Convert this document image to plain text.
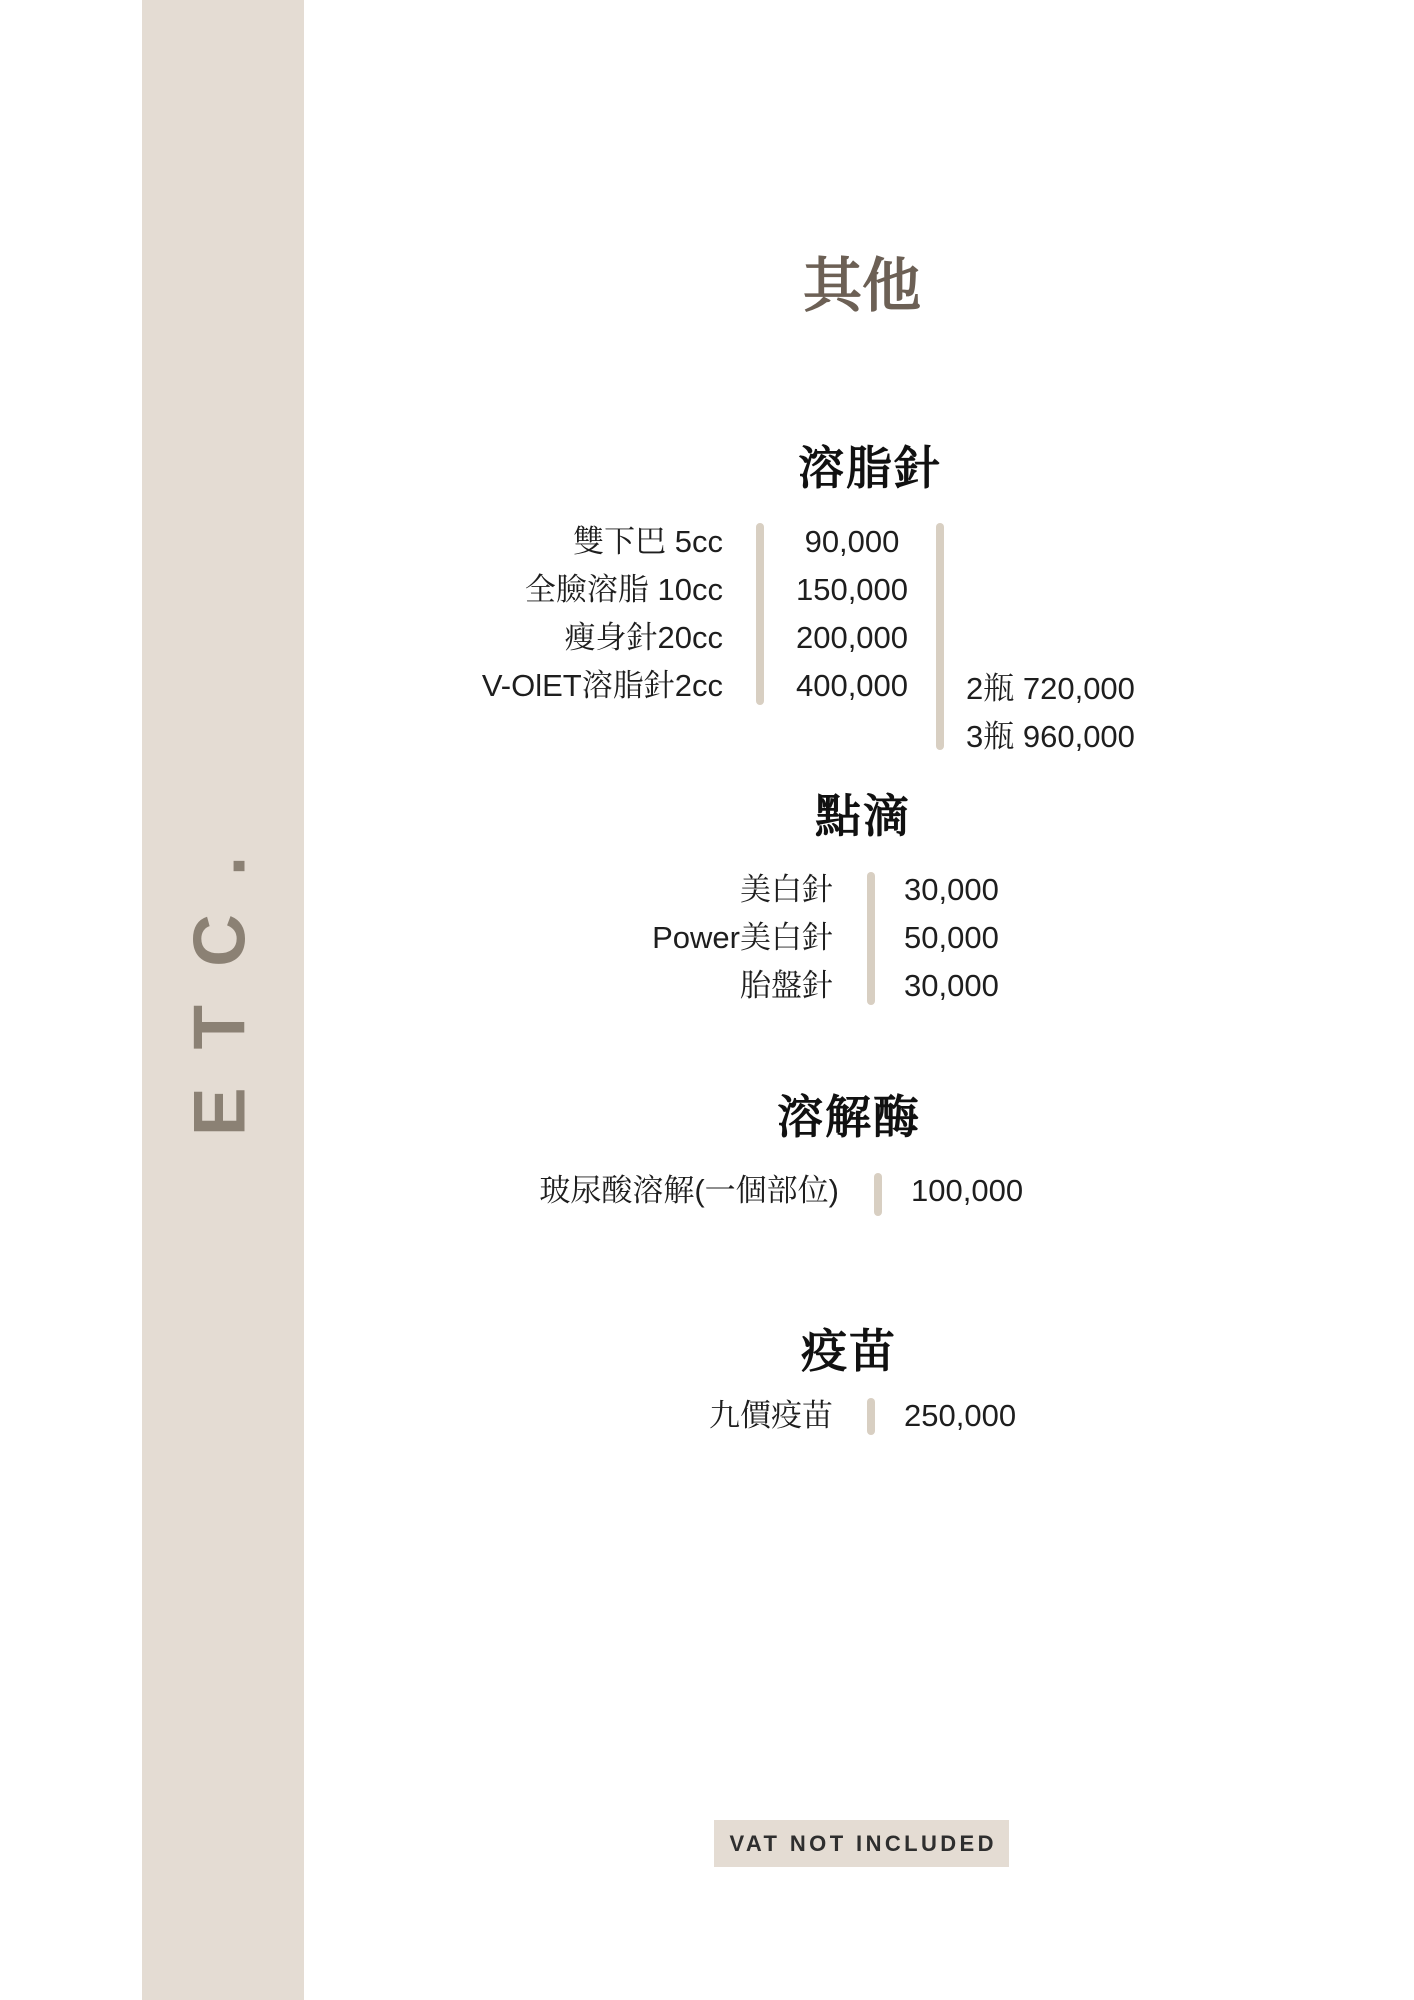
ETC.
其他
溶脂針
雙下巴 5cc
全臉溶脂 10cc
瘦身針20cc
V-OlET溶脂針2cc
90,000
150,000
200,000
400,000	2瓶 720,000
3瓶 960,000
點滴
美白針
Power美白針
胎盤針
30,000
50,000
30,000
溶解酶
玻尿酸溶解(一個部位) 100,000
疫苗
九價疫苗 250,000
VAT NOT INCLUDED
